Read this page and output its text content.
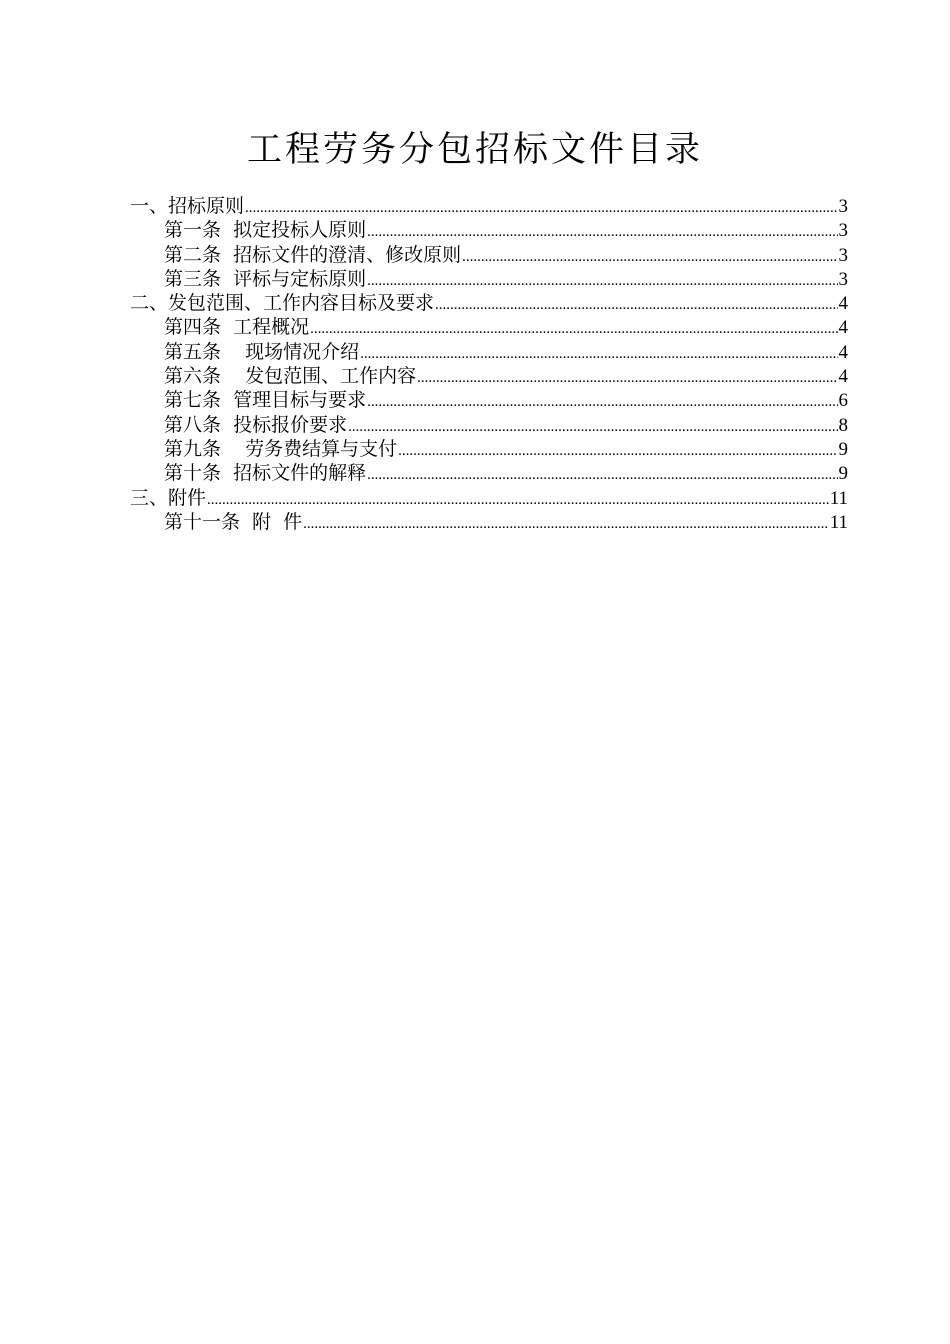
工程劳务分包招标文件目录
一、招标原则 .....	3
第一条  拟定投标人原则 .....	3
第二条  招标文件的澄清、修改原则 .....	3
第三条  评标与定标原则 .....	3
二、发包范围、工作内容目标及要求 .....	4
第四条  工程概况 .....	4
第五条    现场情况介绍 .....	4
第六条    发包范围、工作内容 .....	4
第七条  管理目标与要求 .....	6
第八条  投标报价要求 .....	8
第九条    劳务费结算与支付 .....	9
第十条  招标文件的解释 .....	9
三、附件 .....	11
第十一条  附  件 .....	11
